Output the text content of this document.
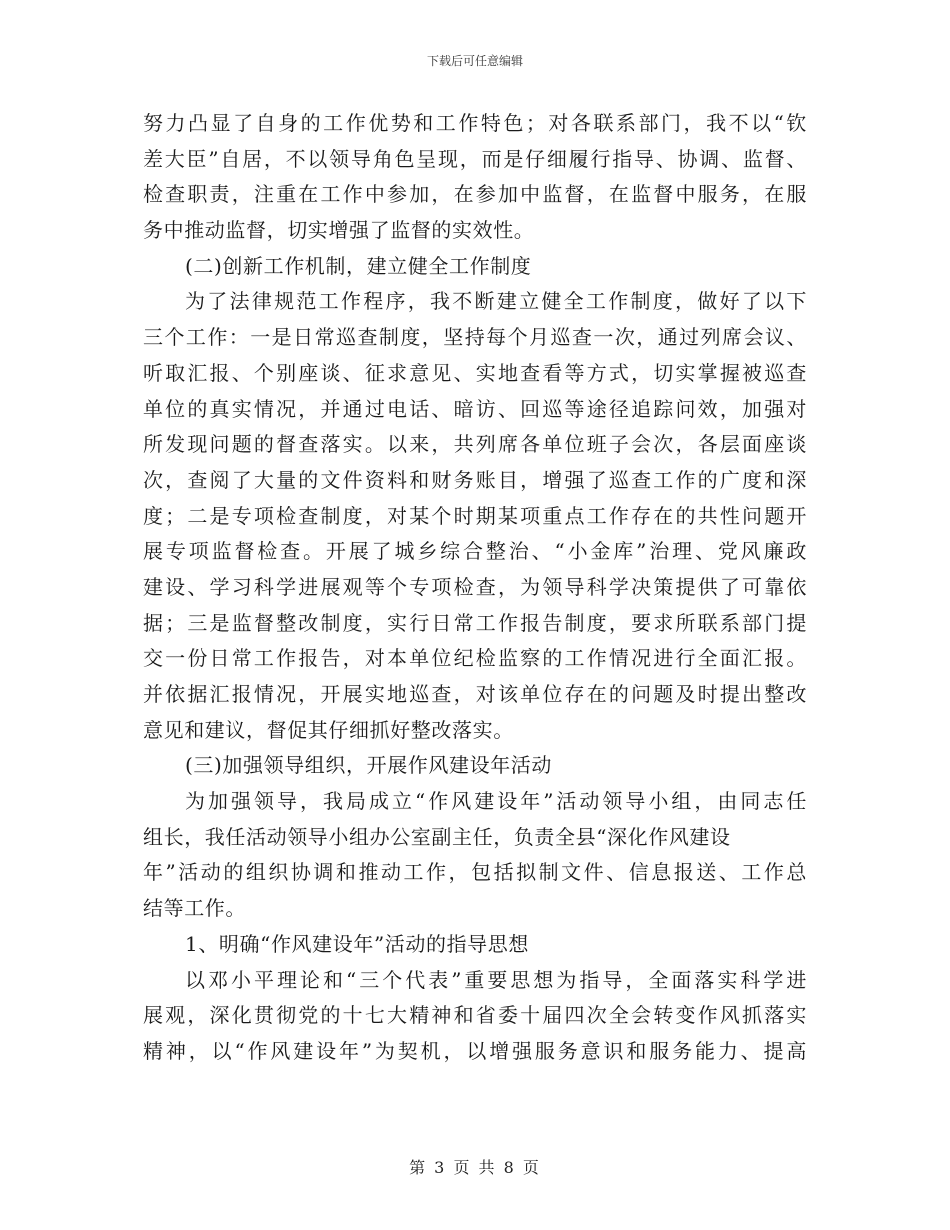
下载后可任意编辑
努力凸显了自身的工作优势和工作特色；对各联系部门，我不以“钦
差大臣”自居，不以领导角色呈现，而是仔细履行指导、协调、监督、
检查职责，注重在工作中参加，在参加中监督，在监督中服务，在服
务中推动监督，切实增强了监督的实效性。
(二)创新工作机制，建立健全工作制度
为了法律规范工作程序，我不断建立健全工作制度，做好了以下
三个工作：一是日常巡查制度，坚持每个月巡查一次，通过列席会议、
听取汇报、个别座谈、征求意见、实地查看等方式，切实掌握被巡查
单位的真实情况，并通过电话、暗访、回巡等途径追踪问效，加强对
所发现问题的督查落实。以来，共列席各单位班子会次，各层面座谈
次，查阅了大量的文件资料和财务账目，增强了巡查工作的广度和深
度；二是专项检查制度，对某个时期某项重点工作存在的共性问题开
展专项监督检查。开展了城乡综合整治、“小金库”治理、党风廉政
建设、学习科学进展观等个专项检查，为领导科学决策提供了可靠依
据；三是监督整改制度，实行日常工作报告制度，要求所联系部门提
交一份日常工作报告，对本单位纪检监察的工作情况进行全面汇报。
并依据汇报情况，开展实地巡查，对该单位存在的问题及时提出整改
意见和建议，督促其仔细抓好整改落实。
(三)加强领导组织，开展作风建设年活动
为加强领导，我局成立“作风建设年”活动领导小组，由同志任
组长，我任活动领导小组办公室副主任，负责全县“深化作风建设
年”活动的组织协调和推动工作，包括拟制文件、信息报送、工作总
结等工作。
1、明确“作风建设年”活动的指导思想
以邓小平理论和“三个代表”重要思想为指导，全面落实科学进
展观，深化贯彻党的十七大精神和省委十届四次全会转变作风抓落实
精神，以“作风建设年”为契机，以增强服务意识和服务能力、提高
第 3 页 共 8 页
